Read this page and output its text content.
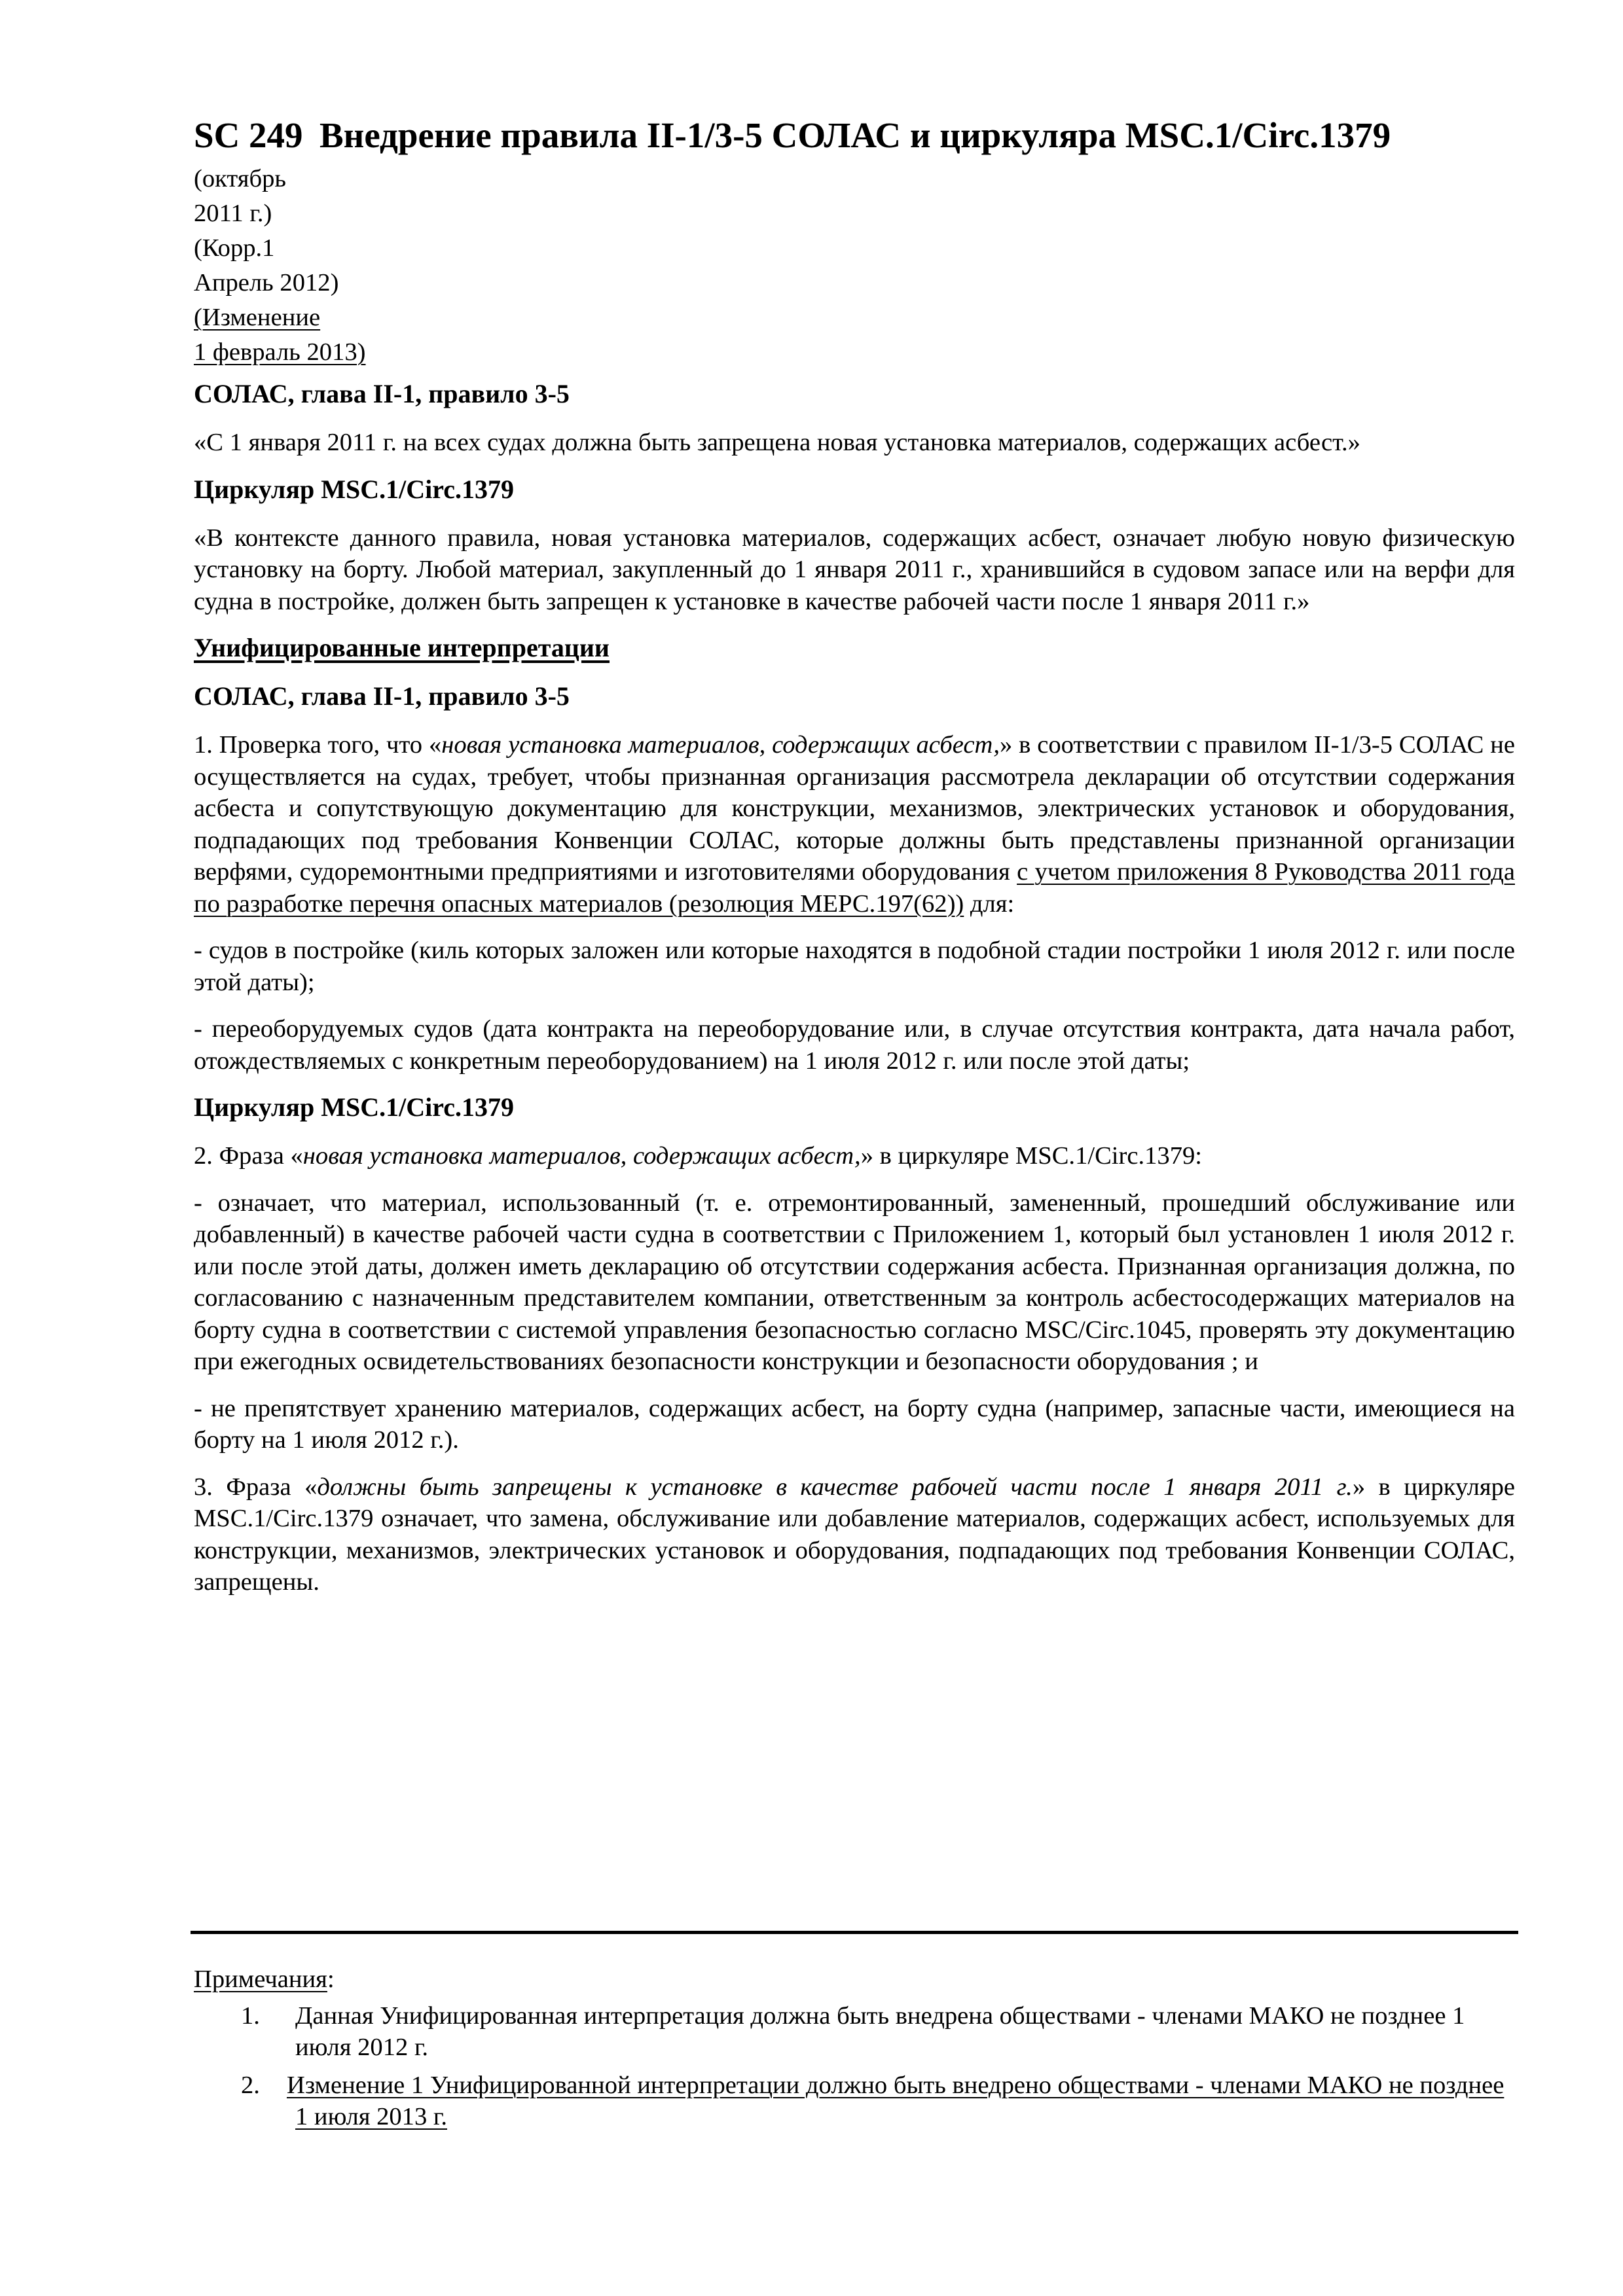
SC 249 Внедрение правила II-1/3-5 СОЛАС и циркуляра MSC.1/Circ.1379
(октябрь
2011 г.)
(Корр.1
Апрель 2012)
(Изменение
1 февраль 2013)
СОЛАС, глава II-1, правило 3-5

«С 1 января 2011 г. на всех судах должна быть запрещена новая установка материалов, содержащих асбест.»

Циркуляр MSC.1/Circ.1379

«В контексте данного правила, новая установка материалов, содержащих асбест, означает любую новую физическую установку на борту. Любой материал, закупленный до 1 января 2011 г., хранившийся в судовом запасе или на верфи для судна в постройке, должен быть запрещен к установке в качестве рабочей части после 1 января 2011 г.»

Унифицированные интерпретации
СОЛАС, глава II-1, правило 3-5

1. Проверка того, что «новая установка материалов, содержащих асбест,» в соответствии с правилом II-1/3-5 СОЛАС не осуществляется на судах, требует, чтобы признанная организация рассмотрела декларации об отсутствии содержания асбеста и сопутствующую документацию для конструкции, механизмов, электрических установок и оборудования, подпадающих под требования Конвенции СОЛАС, которые должны быть представлены признанной организации верфями, судоремонтными предприятиями и изготовителями оборудования с учетом приложения 8 Руководства 2011 года по разработке перечня опасных материалов (резолюция МЕРС.197(62)) для:

- судов в постройке (киль которых заложен или которые находятся в подобной стадии постройки 1 июля 2012 г. или после этой даты);

- переоборудуемых судов (дата контракта на переоборудование или, в случае отсутствия контракта, дата начала работ, отождествляемых с конкретным переоборудованием) на 1 июля 2012 г. или после этой даты;

Циркуляр MSC.1/Circ.1379

2. Фраза «новая установка материалов, содержащих асбест,» в циркуляре MSC.1/Circ.1379:

- означает, что материал, использованный (т. е. отремонтированный, замененный, прошедший обслуживание или добавленный) в качестве рабочей части судна в соответствии с Приложением 1, который был установлен 1 июля 2012 г. или после этой даты, должен иметь декларацию об отсутствии содержания асбеста. Признанная организация должна, по согласованию с назначенным представителем компании, ответственным за контроль асбестосодержащих материалов на борту судна в соответствии с системой управления безопасностью согласно MSC/Circ.1045, проверять эту документацию при ежегодных освидетельствованиях безопасности конструкции и безопасности оборудования ; и

- не препятствует хранению материалов, содержащих асбест, на борту судна (например, запасные части, имеющиеся на борту на 1 июля 2012 г.).

3. Фраза «должны быть запрещены к установке в качестве рабочей части после 1 января 2011 г.» в циркуляре MSC.1/Circ.1379 означает, что замена, обслуживание или добавление материалов, содержащих асбест, используемых для конструкции, механизмов, электрических установок и оборудования, подпадающих под требования Конвенции СОЛАС, запрещены.

Примечания:
1. Данная Унифицированная интерпретация должна быть внедрена обществами - членами МАКО не позднее 1 июля 2012 г.
2. Изменение 1 Унифицированной интерпретации должно быть внедрено обществами - членами МАКО не позднее 1 июля 2013 г.
